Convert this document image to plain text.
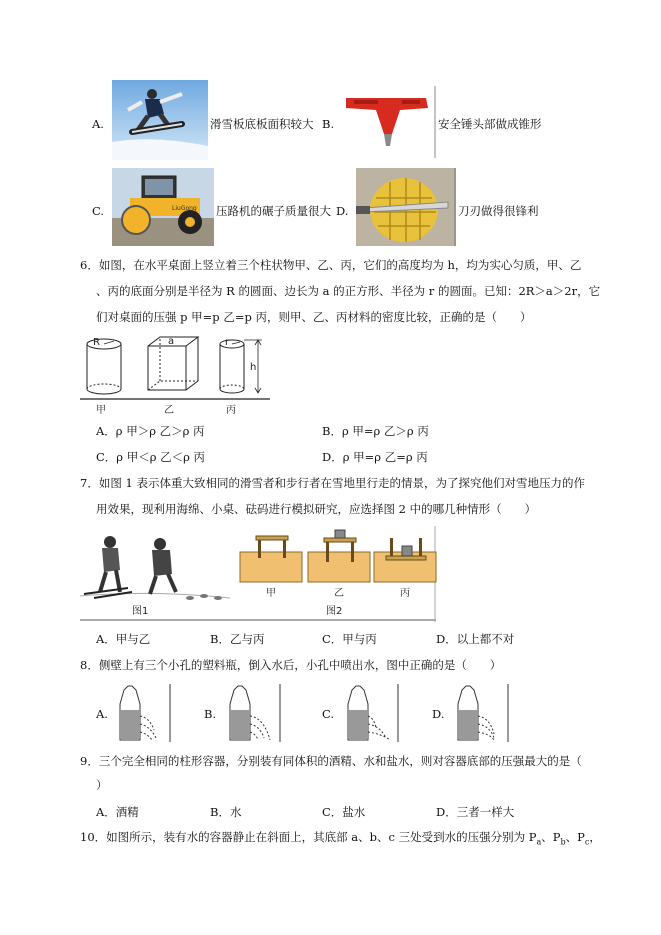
A.	滑雪板底板面积较大 B.	安全锤头部做成锥形
C.	LiuGong 压路机的碾子质量很大 D.	刀刃做得很锋利
6．如图，在水平桌面上竖立着三个柱状物甲、乙、丙，它们的高度均为 h，均为实心匀质，甲、乙
、丙的底面分别是半径为 R 的圆面、边长为 a 的正方形、半径为 r 的圆面。已知：2R＞a＞2r，它
们对桌面的压强 p 甲=p 乙=p 丙，则甲、乙、丙材料的密度比较，正确的是（　　）
R	a	r
h
甲	乙	丙
A．ρ 甲＞ρ 乙＞ρ 丙	B．ρ 甲=ρ 乙＞ρ 丙
C．ρ 甲＜ρ 乙＜ρ 丙	D．ρ 甲=ρ 乙=ρ 丙
7．如图 1 表示体重大致相同的滑雪者和步行者在雪地里行走的情景，为了探究他们对雪地压力的作
用效果，现利用海绵、小桌、砝码进行模拟研究，应选择图 2 中的哪几种情形（　　）
图1
甲	乙	丙
图2
A．甲与乙	B．乙与丙	C．甲与丙	D．以上都不对
8．侧壁上有三个小孔的塑料瓶，倒入水后，小孔中喷出水，图中正确的是（　　）
A.	B.	C.	D.
9．三个完全相同的柱形容器，分别装有同体积的酒精、水和盐水，则对容器底部的压强最大的是（
）
A．酒精	B．水	C．盐水	D．三者一样大
10．如图所示，装有水的容器静止在斜面上，其底部 a、b、c 三处受到水的压强分别为 $P_a$、$P_b$、$P_c$，
